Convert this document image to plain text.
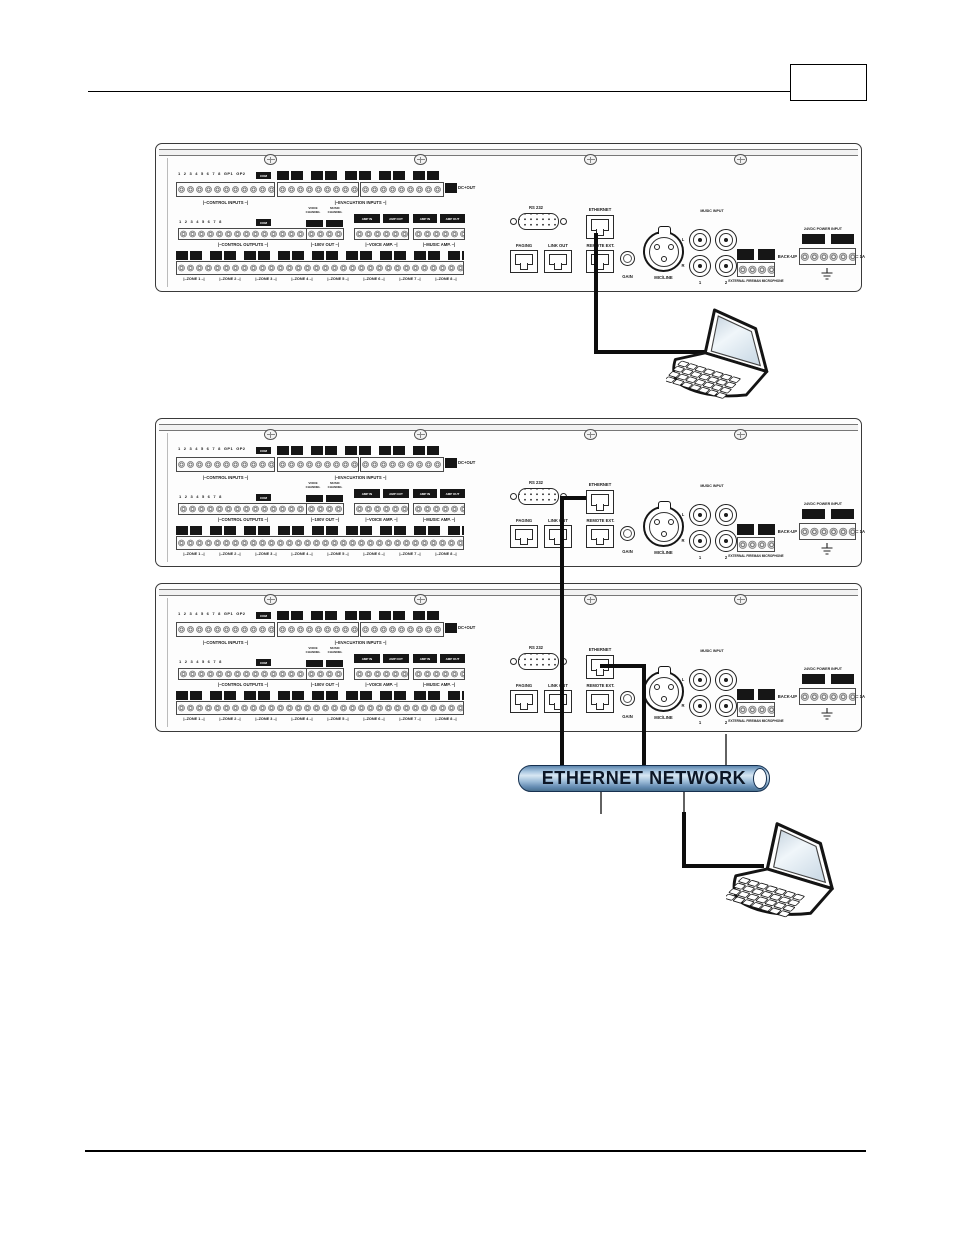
1 2 3 4 5 6 7 8 GP1 GP2	COM
|– CONTROL INPUTS –|	|– EVACUATION INPUTS –|
DC+OUT
1 2 3 4 5 6 7 8	COM
VOICE CHANNEL
MUSIC CHANNEL
AMP IN	AMP OUT	AMP IN	AMP OUT
|– CONTROL OUTPUTS –|	|– 100V OUT –|	|– VOICE AMP. –|	|– MUSIC AMP. –|
|– ZONE 1 –|	|– ZONE 2 –|	|– ZONE 3 –|	|– ZONE 4 –|	|– ZONE 5 –|	|– ZONE 6 –|	|– ZONE 7 –|	|– ZONE 8 –|
RS 232	ETHERNET
PAGING	LINK OUT	REMOTE EXT.
GAIN	MIC/LINE
MUSIC INPUT
L
R
1	2 EXTERNAL FIREMAN MICROPHONE
24VDC POWER INPUT
BACK-UP	= 1A
1 2 3 4 5 6 7 8 GP1 GP2	COM
|– CONTROL INPUTS –|	|– EVACUATION INPUTS –|
DC+OUT
1 2 3 4 5 6 7 8	COM
VOICE CHANNEL
MUSIC CHANNEL
AMP IN	AMP OUT	AMP IN	AMP OUT
|– CONTROL OUTPUTS –|	|– 100V OUT –|	|– VOICE AMP. –|	|– MUSIC AMP. –|
|– ZONE 1 –|	|– ZONE 2 –|	|– ZONE 3 –|	|– ZONE 4 –|	|– ZONE 5 –|	|– ZONE 6 –|	|– ZONE 7 –|	|– ZONE 8 –|
RS 232	ETHERNET
PAGING	LINK OUT	REMOTE EXT.
GAIN	MIC/LINE
MUSIC INPUT
L
R
1	2 EXTERNAL FIREMAN MICROPHONE
24VDC POWER INPUT
BACK-UP	= 1A
1 2 3 4 5 6 7 8 GP1 GP2	COM
|– CONTROL INPUTS –|	|– EVACUATION INPUTS –|
DC+OUT
1 2 3 4 5 6 7 8	COM
VOICE CHANNEL
MUSIC CHANNEL
AMP IN	AMP OUT	AMP IN	AMP OUT
|– CONTROL OUTPUTS –|	|– 100V OUT –|	|– VOICE AMP. –|	|– MUSIC AMP. –|
|– ZONE 1 –|	|– ZONE 2 –|	|– ZONE 3 –|	|– ZONE 4 –|	|– ZONE 5 –|	|– ZONE 6 –|	|– ZONE 7 –|	|– ZONE 8 –|
RS 232	ETHERNET
PAGING	LINK OUT	REMOTE EXT.
GAIN	MIC/LINE
MUSIC INPUT
L
R
1	2 EXTERNAL FIREMAN MICROPHONE
24VDC POWER INPUT
BACK-UP	= 1A
ETHERNET NETWORK
